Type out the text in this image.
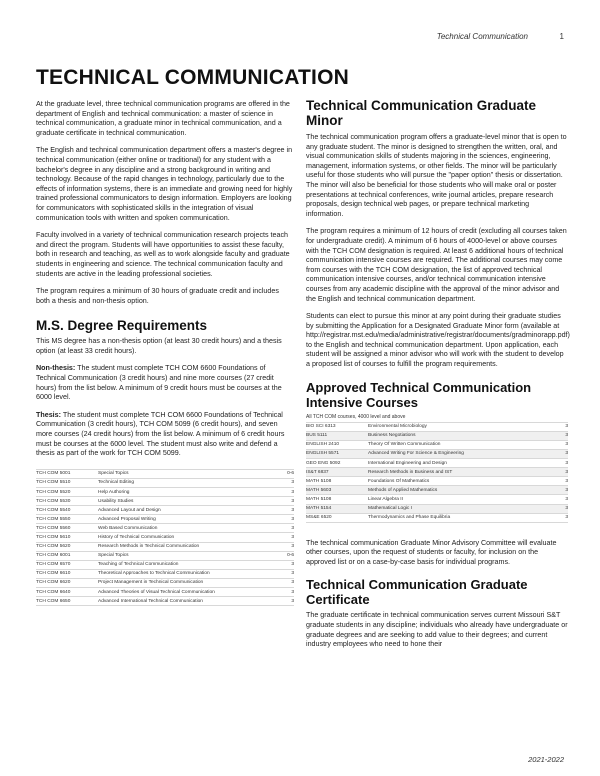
Technical Communication	1
TECHNICAL COMMUNICATION

At the graduate level, three technical communication programs are offered in the department of English and technical communication: a master of science in technical communication, a graduate minor in technical communication, and a graduate certificate in technical communication.

The English and technical communication department offers a master's degree in technical communication (either online or traditional) for any student with a bachelor's degree in any discipline and a strong background in writing and technology. Because of the rapid changes in technology, particularly due to the effects of information systems, there is an immediate and growing need for highly trained professional communicators to design information. Employers are looking for communicators with sophisticated skills in the integration of visual communication tools with written and spoken communication.

Faculty involved in a variety of technical communication research projects teach and direct the program. Students will have opportunities to assist these faculty, both in research and teaching, as well as to work alongside faculty and graduate students in engineering and science. The technical communication faculty and students are active in the leading professional societies.

The program requires a minimum of 30 hours of graduate credit and includes both a thesis and non-thesis option.

M.S. Degree Requirements

This MS degree has a non-thesis option (at least 30 credit hours) and a thesis option (at least 33 credit hours).

Non-thesis: The student must complete TCH COM 6600 Foundations of Technical Communication (3 credit hours) and nine more courses (27 credit hours) from the list below. A minimum of 9 credit hours must be courses at the 6000 level.

Thesis: The student must complete TCH COM 6600 Foundations of Technical Communication (3 credit hours), TCH COM 5099 (6 credit hours), and seven more courses (24 credit hours) from the list below. A minimum of 6 credit hours must be courses at the 6000 level. The student must also write and defend a thesis as part of the work for TCH COM 5099.

TCH COM 5001	Special Topics	0-6
TCH COM 5510	Technical Editing	3
TCH COM 5520	Help Authoring	3
TCH COM 5530	Usability Studies	3
TCH COM 5540	Advanced Layout and Design	3
TCH COM 5550	Advanced Proposal Writing	3
TCH COM 5560	Web Based Communication	3
TCH COM 5610	History of Technical Communication	3
TCH COM 5620	Research Methods in Technical Communication	3
TCH COM 6001	Special Topics	0-6
TCH COM 6570	Teaching of Technical Communication	3
TCH COM 6610	Theoretical Approaches to Technical Communication	3
TCH COM 6620	Project Management in Technical Communication	3
TCH COM 6640	Advanced Theories of Visual Technical Communication	3
TCH COM 6650	Advanced International Technical Communication	3
Technical Communication Graduate Minor

The technical communication program offers a graduate-level minor that is open to any graduate student. The minor is designed to strengthen the written, oral, and visual communication skills of students majoring in the sciences, engineering, management, information systems, or other fields. The minor will be particularly useful for those students who will pursue the "paper option" thesis or dissertation. The minor will also be beneficial for those students who will make oral or poster presentations at technical conferences, write journal articles, prepare research proposals, design technical web pages, or prepare technical marketing information.

The program requires a minimum of 12 hours of credit (excluding all courses taken for undergraduate credit). A minimum of 6 hours of 4000-level or above courses with the TCH COM designation is required. At least 6 additional hours of technical communication intensive courses are required. The additional courses may come from courses with the TCH COM designation, the list of approved technical communication intensive courses, and/or technical communication intensive courses from any academic discipline with the approval of the minor advisor and the English and technical communication department.

Students can elect to pursue this minor at any point during their graduate studies by submitting the Application for a Designated Graduate Minor form (available at http://registrar.mst.edu/media/administrative/registrar/documents/gradminorapp.pdf) to the English and technical communication department. Upon application, each student will be assigned a minor advisor who will work with the student to develop a proposed list of courses to fulfill the program requirements.

Approved Technical Communication Intensive Courses
All TCH COM courses, 4000 level and above
BIO SCI 6313	Environmental Microbiology	3
BUS 5111	Business Negotiations	3
ENGLISH 2410	Theory Of Written Communication	3
ENGLISH 5571	Advanced Writing For Science & Engineering	3
GEO ENG 5092	International Engineering and Design	3
IS&T 6837	Research Methods in Business and IST	3
MATH 5108	Foundations Of Mathematics	3
MATH 5603	Methods of Applied Mathematics	3
MATH 5108	Linear Algebra II	3
MATH 5154	Mathematical Logic I	3
MS&E 6520	Thermodynamics and Phase Equilibria	3

The technical communication Graduate Minor Advisory Committee will evaluate other courses, upon the request of students or faculty, for inclusion on the approved list or on a case-by-case basis for individual programs.

Technical Communication Graduate Certificate

The graduate certificate in technical communication serves current Missouri S&T graduate students in any discipline; individuals who already have undergraduate or graduate degrees and are seeking to add value to their degrees; and current industry employees who need to hone their

2021-2022
